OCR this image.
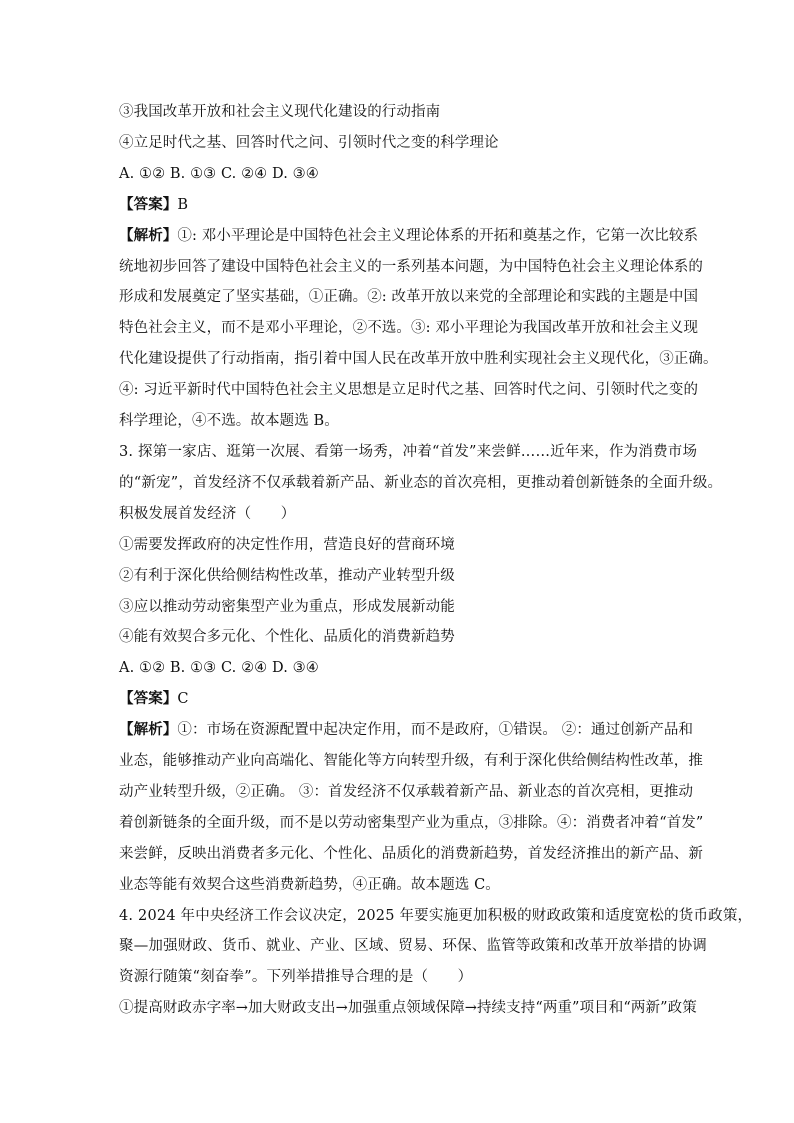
③我国改革开放和社会主义现代化建设的行动指南
④立足时代之基、回答时代之问、引领时代之变的科学理论
A. ①② B. ①③ C. ②④ D. ③④
【答案】B
【解析】①: 邓小平理论是中国特色社会主义理论体系的开拓和奠基之作，它第一次比较系
统地初步回答了建设中国特色社会主义的一系列基本问题，为中国特色社会主义理论体系的
形成和发展奠定了坚实基础，①正确。②: 改革开放以来党的全部理论和实践的主题是中国
特色社会主义，而不是邓小平理论，②不选。③: 邓小平理论为我国改革开放和社会主义现
代化建设提供了行动指南，指引着中国人民在改革开放中胜利实现社会主义现代化，③正确。
④: 习近平新时代中国特色社会主义思想是立足时代之基、回答时代之问、引领时代之变的
科学理论，④不选。故本题选 B。
3. 探第一家店、逛第一次展、看第一场秀，冲着“首发”来尝鲜……近年来，作为消费市场
的“新宠”，首发经济不仅承载着新产品、新业态的首次亮相，更推动着创新链条的全面升级。
积极发展首发经济（　　）
①需要发挥政府的决定性作用，营造良好的营商环境
②有利于深化供给侧结构性改革，推动产业转型升级
③应以推动劳动密集型产业为重点，形成发展新动能
④能有效契合多元化、个性化、品质化的消费新趋势
A. ①② B. ①③ C. ②④ D. ③④
【答案】C
【解析】①：市场在资源配置中起决定作用，而不是政府，①错误。 ②：通过创新产品和
业态，能够推动产业向高端化、智能化等方向转型升级，有利于深化供给侧结构性改革，推
动产业转型升级，②正确。 ③：首发经济不仅承载着新产品、新业态的首次亮相，更推动
着创新链条的全面升级，而不是以劳动密集型产业为重点，③排除。④：消费者冲着“首发”
来尝鲜，反映出消费者多元化、个性化、品质化的消费新趋势，首发经济推出的新产品、新
业态等能有效契合这些消费新趋势，④正确。故本题选 C。
4. 2024 年中央经济工作会议决定，2025 年要实施更加积极的财政政策和适度宽松的货币政策，
聚—加强财政、货币、就业、产业、区域、贸易、环保、监管等政策和改革开放举措的协调
资源行随策“刻奋拳”。下列举措推导合理的是（　　）
①提高财政赤字率→加大财政支出→加强重点领域保障→持续支持“两重”项目和“两新”政策
